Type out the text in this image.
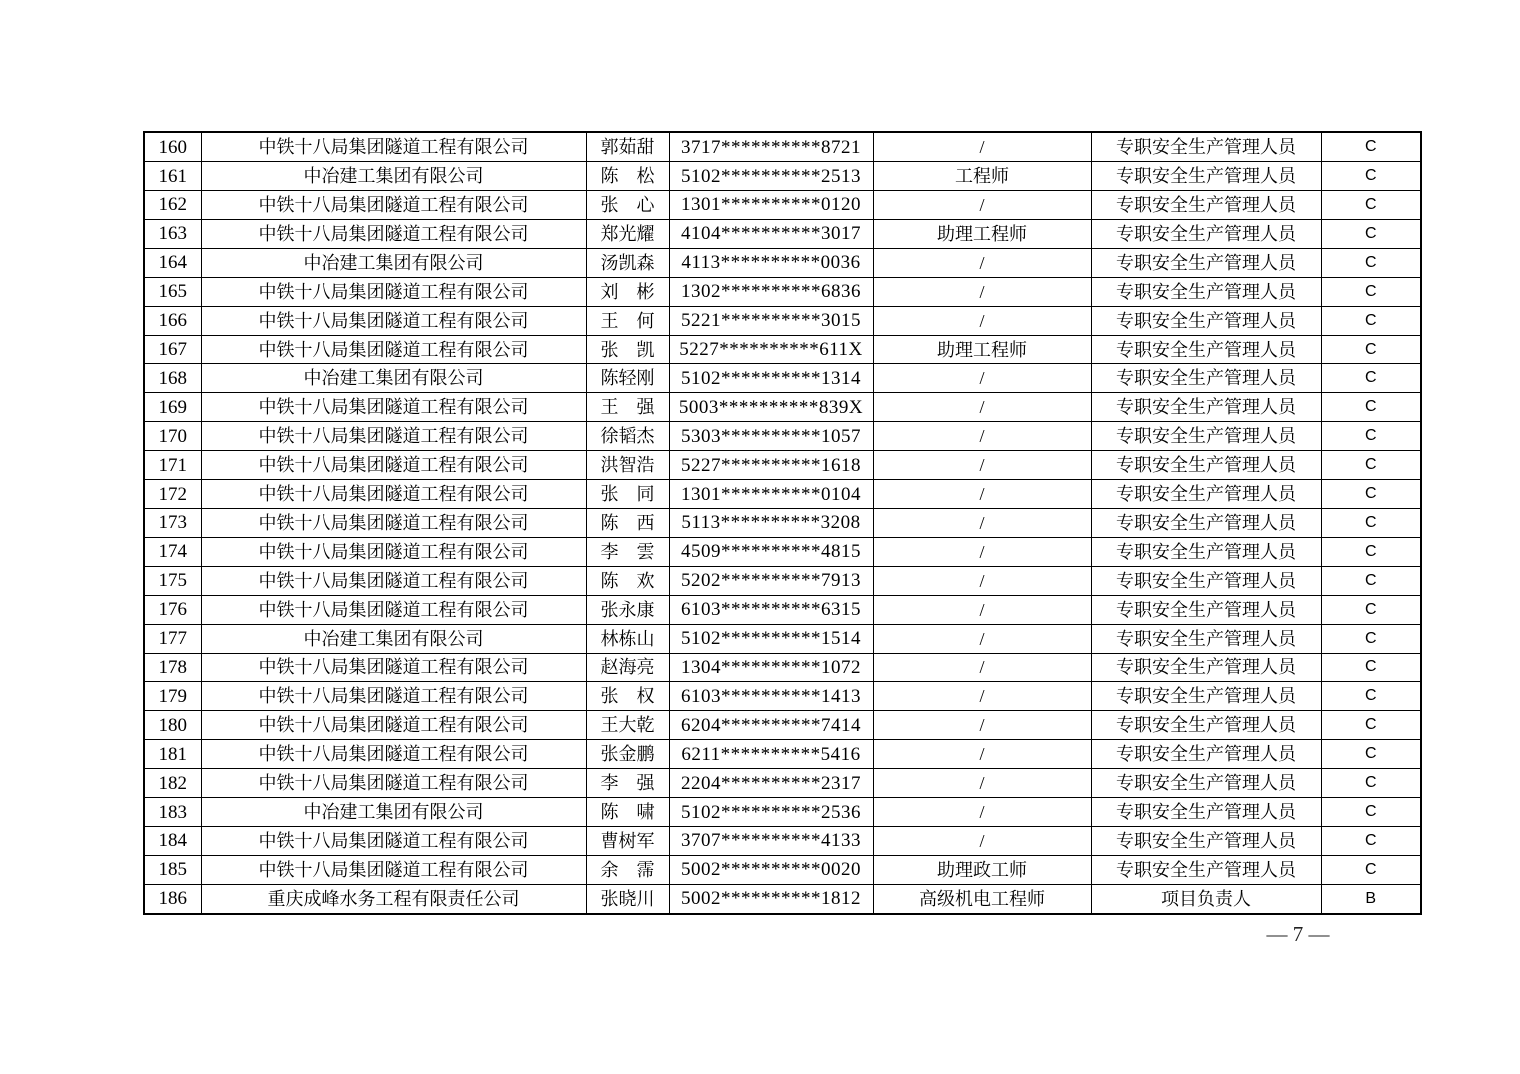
160	中铁十八局集团隧道工程有限公司	郭茹甜	3717**********8721	/	专职安全生产管理人员	C
161	中冶建工集团有限公司	陈　松	5102**********2513	工程师	专职安全生产管理人员	C
162	中铁十八局集团隧道工程有限公司	张　心	1301**********0120	/	专职安全生产管理人员	C
163	中铁十八局集团隧道工程有限公司	郑光耀	4104**********3017	助理工程师	专职安全生产管理人员	C
164	中冶建工集团有限公司	汤凯森	4113**********0036	/	专职安全生产管理人员	C
165	中铁十八局集团隧道工程有限公司	刘　彬	1302**********6836	/	专职安全生产管理人员	C
166	中铁十八局集团隧道工程有限公司	王　何	5221**********3015	/	专职安全生产管理人员	C
167	中铁十八局集团隧道工程有限公司	张　凯	5227**********611X	助理工程师	专职安全生产管理人员	C
168	中冶建工集团有限公司	陈轻刚	5102**********1314	/	专职安全生产管理人员	C
169	中铁十八局集团隧道工程有限公司	王　强	5003**********839X	/	专职安全生产管理人员	C
170	中铁十八局集团隧道工程有限公司	徐韬杰	5303**********1057	/	专职安全生产管理人员	C
171	中铁十八局集团隧道工程有限公司	洪智浩	5227**********1618	/	专职安全生产管理人员	C
172	中铁十八局集团隧道工程有限公司	张　同	1301**********0104	/	专职安全生产管理人员	C
173	中铁十八局集团隧道工程有限公司	陈　西	5113**********3208	/	专职安全生产管理人员	C
174	中铁十八局集团隧道工程有限公司	李　雲	4509**********4815	/	专职安全生产管理人员	C
175	中铁十八局集团隧道工程有限公司	陈　欢	5202**********7913	/	专职安全生产管理人员	C
176	中铁十八局集团隧道工程有限公司	张永康	6103**********6315	/	专职安全生产管理人员	C
177	中冶建工集团有限公司	林栋山	5102**********1514	/	专职安全生产管理人员	C
178	中铁十八局集团隧道工程有限公司	赵海亮	1304**********1072	/	专职安全生产管理人员	C
179	中铁十八局集团隧道工程有限公司	张　权	6103**********1413	/	专职安全生产管理人员	C
180	中铁十八局集团隧道工程有限公司	王大乾	6204**********7414	/	专职安全生产管理人员	C
181	中铁十八局集团隧道工程有限公司	张金鹏	6211**********5416	/	专职安全生产管理人员	C
182	中铁十八局集团隧道工程有限公司	李　强	2204**********2317	/	专职安全生产管理人员	C
183	中冶建工集团有限公司	陈　啸	5102**********2536	/	专职安全生产管理人员	C
184	中铁十八局集团隧道工程有限公司	曹树军	3707**********4133	/	专职安全生产管理人员	C
185	中铁十八局集团隧道工程有限公司	余　霈	5002**********0020	助理政工师	专职安全生产管理人员	C
186	重庆成峰水务工程有限责任公司	张晓川	5002**********1812	高级机电工程师	项目负责人	B
— 7 —
